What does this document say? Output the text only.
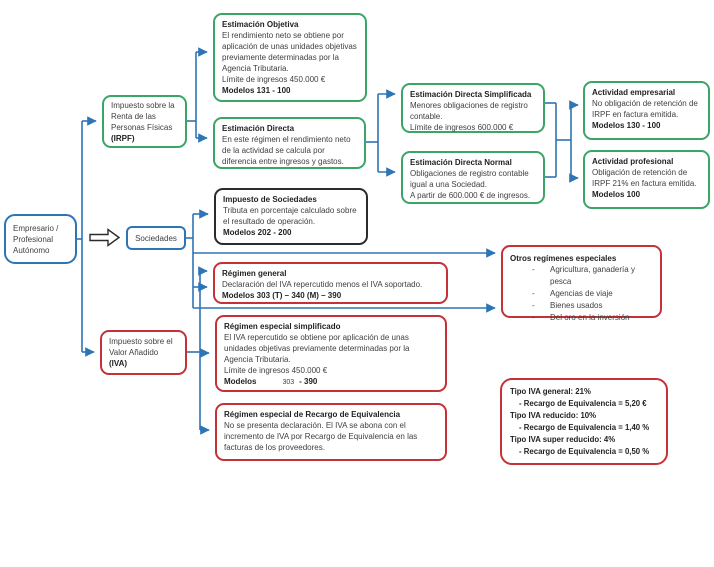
Empresario / Profesional Autónomo
Impuesto sobre la Renta de las Personas Físicas
(IRPF)
Sociedades
Impuesto sobre el Valor Añadido
(IVA)
Estimación Objetiva
El rendimiento neto se obtiene por aplicación de unas unidades objetivas previamente determinadas por la Agencia Tributaria.
Límite de ingresos 450.000 €
Modelos 131 - 100
Estimación Directa
En este régimen el rendimiento neto de la actividad se calcula por diferencia entre ingresos y gastos.
Impuesto de Sociedades
Tributa en porcentaje calculado sobre el resultado de operación.
Modelos 202 - 200
Régimen general
Declaración del IVA repercutido menos el IVA soportado.
Modelos 303 (T) – 340 (M) – 390
Régimen especial simplificado
El IVA repercutido se obtiene por aplicación de unas unidades objetivas previamente determinadas por la Agencia Tributaria.
Límite de ingresos 450.000 €
Modelos	303 - 390
Régimen especial de Recargo de Equivalencia
No se presenta declaración. El IVA se abona con el incremento de IVA por Recargo de Equivalencia en las facturas de los proveedores.
Estimación Directa Simplificada
Menores obligaciones de registro contable.
Límite de ingresos 600.000 €
Estimación Directa Normal
Obligaciones de registro contable igual a una Sociedad.
A partir de 600.000 € de ingresos.
Actividad empresarial
No obligación de retención de IRPF en factura emitida.
Modelos 130 - 100
Actividad profesional
Obligación de retención de IRPF 21% en factura emitida.
Modelos 100
Otros regímenes especiales
- Agricultura, ganadería y pesca
- Agencias de viaje
- Bienes usados
- Del oro en la inversión
Tipo IVA general: 21%
- Recargo de Equivalencia = 5,20 €
Tipo IVA reducido: 10%
- Recargo de Equivalencia = 1,40 %
Tipo IVA super reducido: 4%
- Recargo de Equivalencia = 0,50 %
